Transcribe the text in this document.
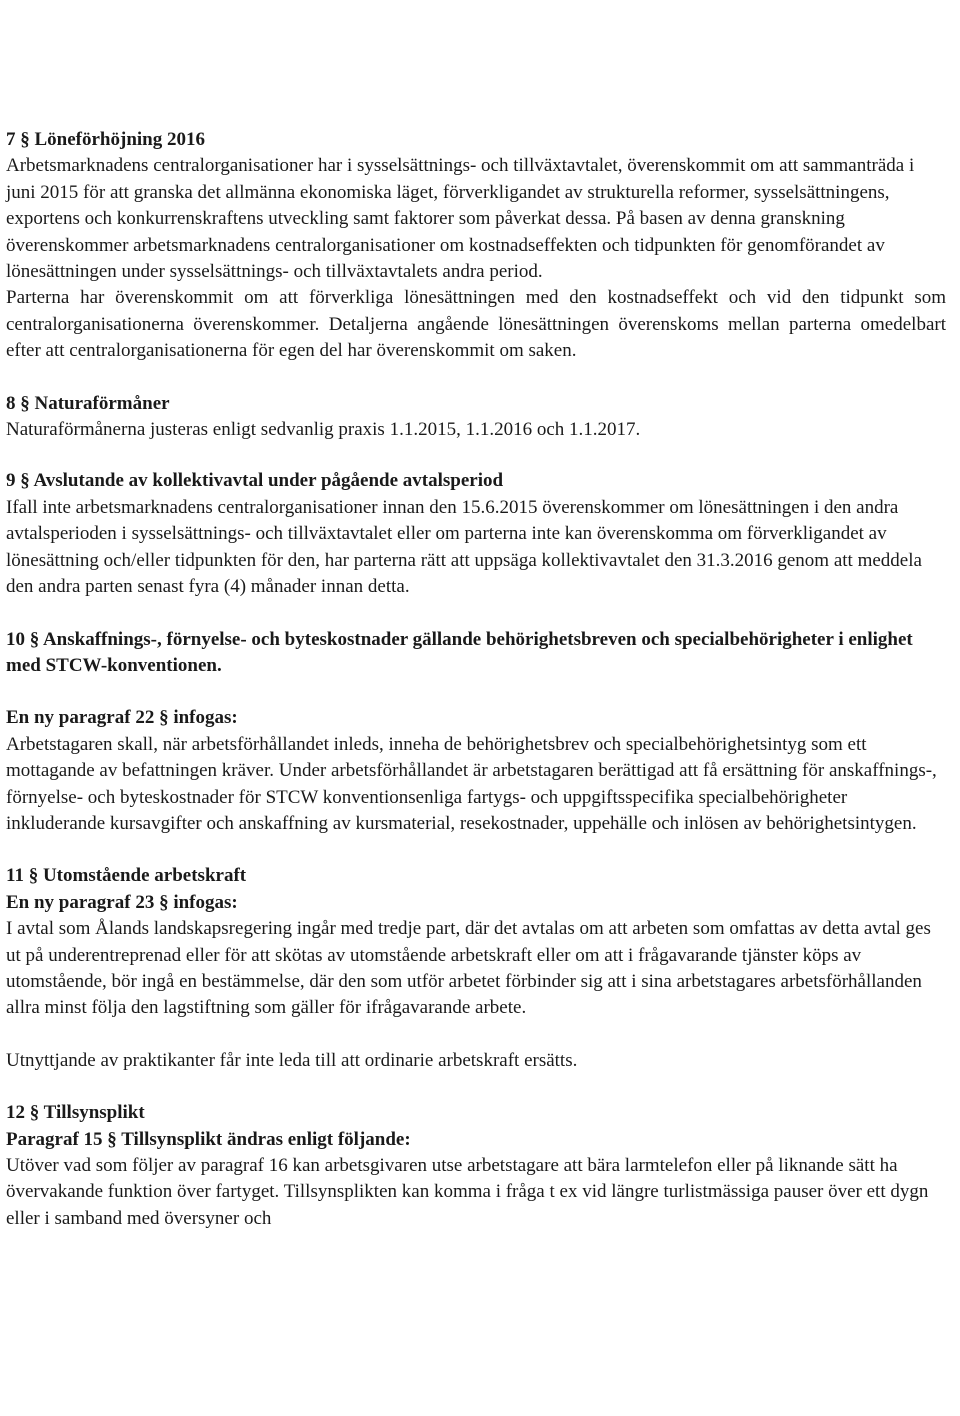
7 § Löneförhöjning 2016

Arbetsmarknadens centralorganisationer har i sysselsättnings- och tillväxtavtalet, överenskommit om att sammanträda i juni 2015 för att granska det allmänna ekonomiska läget, förverkligandet av strukturella reformer, sysselsättningens, exportens och konkurrenskraftens utveckling samt faktorer som påverkat dessa. På basen av denna granskning överenskommer arbetsmarknadens centralorganisationer om kostnadseffekten och tidpunkten för genomförandet av lönesättningen under sysselsättnings- och tillväxtavtalets andra period.

Parterna har överenskommit om att förverkliga lönesättningen med den kostnadseffekt och vid den tidpunkt som centralorganisationerna överenskommer. Detaljerna angående lönesättningen överenskoms mellan parterna omedelbart efter att centralorganisationerna för egen del har överenskommit om saken.

8 § Naturaförmåner

Naturaförmånerna justeras enligt sedvanlig praxis 1.1.2015, 1.1.2016 och 1.1.2017.

9 § Avslutande av kollektivavtal under pågående avtalsperiod

Ifall inte arbetsmarknadens centralorganisationer innan den 15.6.2015 överenskommer om lönesättningen i den andra avtalsperioden i sysselsättnings- och tillväxtavtalet eller om parterna inte kan överenskomma om förverkligandet av lönesättning och/eller tidpunkten för den, har parterna rätt att uppsäga kollektivavtalet den 31.3.2016 genom att meddela den andra parten senast fyra (4) månader innan detta.

10 § Anskaffnings-, förnyelse- och byteskostnader gällande behörighetsbreven och specialbehörigheter i enlighet med STCW-konventionen.
En ny paragraf 22 § infogas:

Arbetstagaren skall, när arbetsförhållandet inleds, inneha de behörighetsbrev och specialbehörighetsintyg som ett mottagande av befattningen kräver. Under arbetsförhållandet är arbetstagaren berättigad att få ersättning för anskaffnings-, förnyelse- och byteskostnader för STCW konventionsenliga fartygs- och uppgiftsspecifika specialbehörigheter inkluderande kursavgifter och anskaffning av kursmaterial, resekostnader, uppehälle och inlösen av behörighetsintygen.

11 § Utomstående arbetskraft
En ny paragraf 23 § infogas:

I avtal som Ålands landskapsregering ingår med tredje part, där det avtalas om att arbeten som omfattas av detta avtal ges ut på underentreprenad eller för att skötas av utomstående arbetskraft eller om att i frågavarande tjänster köps av utomstående, bör ingå en bestämmelse, där den som utför arbetet förbinder sig att i sina arbetstagares arbetsförhållanden allra minst följa den lagstiftning som gäller för ifrågavarande arbete.

Utnyttjande av praktikanter får inte leda till att ordinarie arbetskraft ersätts.

12 § Tillsynsplikt
Paragraf 15 § Tillsynsplikt ändras enligt följande:

Utöver vad som följer av paragraf 16 kan arbetsgivaren utse arbetstagare att bära larmtelefon eller på liknande sätt ha övervakande funktion över fartyget. Tillsynsplikten kan komma i fråga t ex vid längre turlistmässiga pauser över ett dygn eller i samband med översyner och
